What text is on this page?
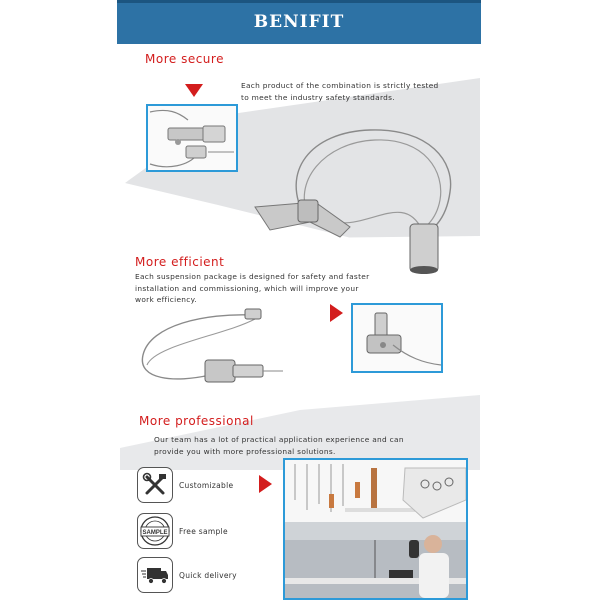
BENIFIT
More secure
Each product of the combination is strictly tested
to meet the industry safety standards.
More efficient
Each suspension package is designed for safety and faster
installation and commissioning, which will improve your
work efficiency.
More professional
Our team has a lot of practical application experience and can
provide you with more professional solutions.
Customizable
SAMPLE Free sample
Quick delivery
